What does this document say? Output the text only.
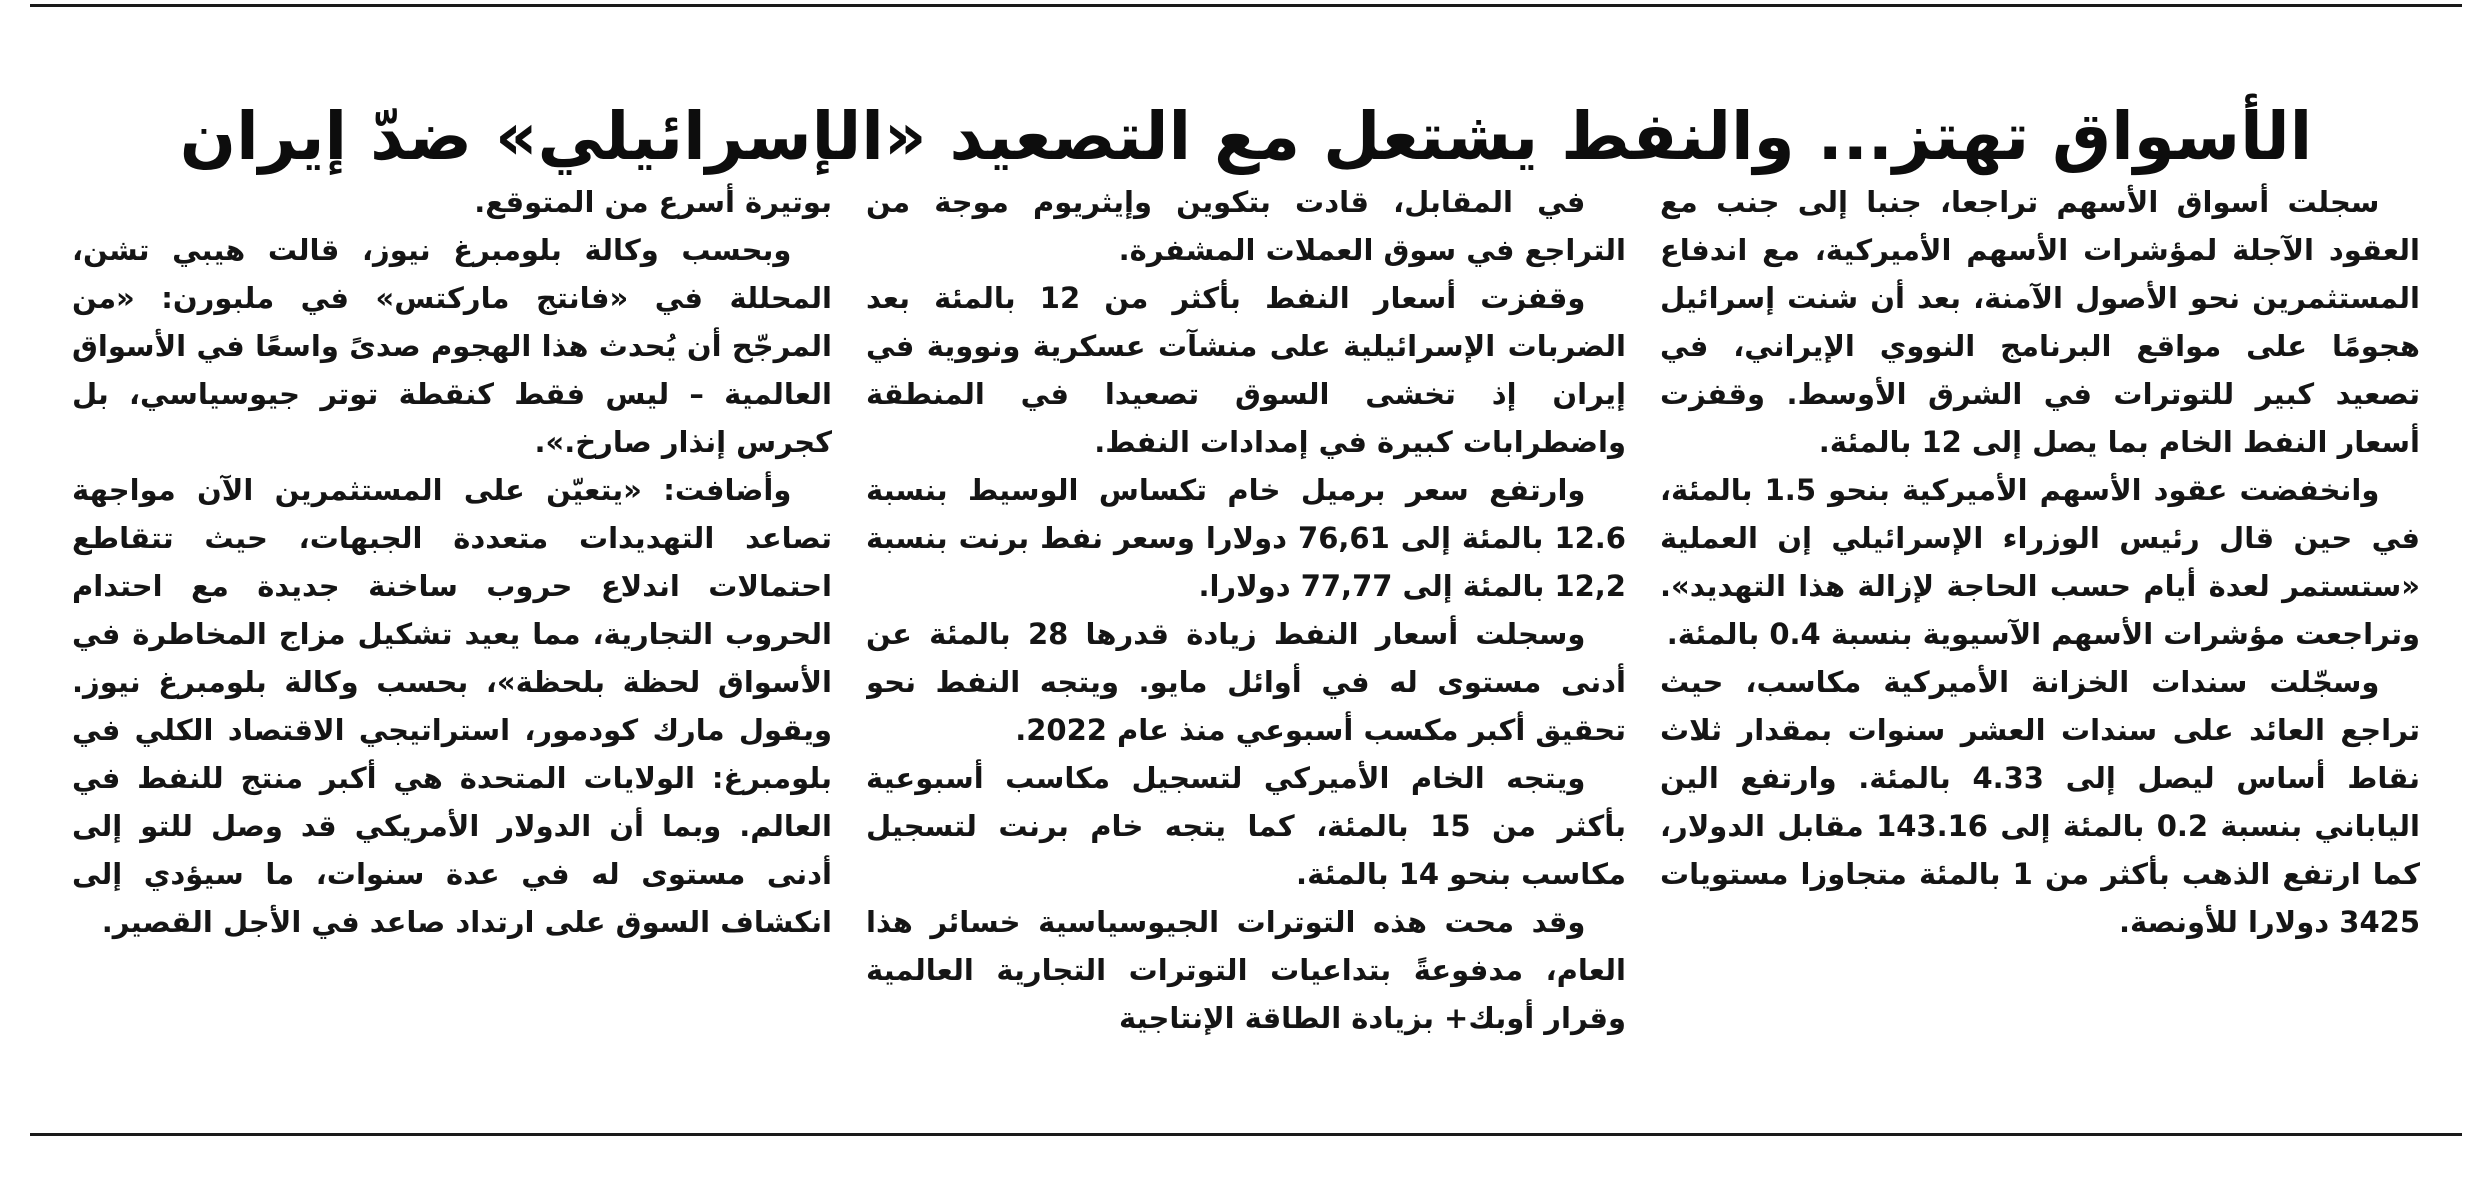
الأسواق تهتز... والنفط يشتعل مع التصعيد «الإسرائيلي» ضدّ إيران

سجلت أسواق الأسهم تراجعا، جنبا إلى جنب مع العقود الآجلة لمؤشرات الأسهم الأميركية، مع اندفاع المستثمرين نحو الأصول الآمنة، بعد أن شنت إسرائيل هجومًا على مواقع البرنامج النووي الإيراني، في تصعيد كبير للتوترات في الشرق الأوسط. وقفزت أسعار النفط الخام بما يصل إلى 12 بالمئة.

وانخفضت عقود الأسهم الأميركية بنحو 1.5 بالمئة، في حين قال رئيس الوزراء الإسرائيلي إن العملية «ستستمر لعدة أيام حسب الحاجة لإزالة هذا التهديد». وتراجعت مؤشرات الأسهم الآسيوية بنسبة 0.4 بالمئة.

وسجّلت سندات الخزانة الأميركية مكاسب، حيث تراجع العائد على سندات العشر سنوات بمقدار ثلاث نقاط أساس ليصل إلى 4.33 بالمئة. وارتفع الين الياباني بنسبة 0.2 بالمئة إلى 143.16 مقابل الدولار، كما ارتفع الذهب بأكثر من 1 بالمئة متجاوزا مستويات 3425 دولارا للأونصة.

في المقابل، قادت بتكوين وإيثريوم موجة من التراجع في سوق العملات المشفرة.

وقفزت أسعار النفط بأكثر من 12 بالمئة بعد الضربات الإسرائيلية على منشآت عسكرية ونووية في إيران إذ تخشى السوق تصعيدا في المنطقة واضطرابات كبيرة في إمدادات النفط.

وارتفع سعر برميل خام تكساس الوسيط بنسبة 12.6 بالمئة إلى 76,61 دولارا وسعر نفط برنت بنسبة 12,2 بالمئة إلى 77,77 دولارا.

وسجلت أسعار النفط زيادة قدرها 28 بالمئة عن أدنى مستوى له في أوائل مايو. ويتجه النفط نحو تحقيق أكبر مكسب أسبوعي منذ عام 2022.

ويتجه الخام الأميركي لتسجيل مكاسب أسبوعية بأكثر من 15 بالمئة، كما يتجه خام برنت لتسجيل مكاسب بنحو 14 بالمئة.

وقد محت هذه التوترات الجيوسياسية خسائر هذا العام، مدفوعةً بتداعيات التوترات التجارية العالمية وقرار أوبك+ بزيادة الطاقة الإنتاجية

بوتيرة أسرع من المتوقع.

وبحسب وكالة بلومبرغ نيوز، قالت هيبي تشن، المحللة في «فانتج ماركتس» في ملبورن: «من المرجّح أن يُحدث هذا الهجوم صدىً واسعًا في الأسواق العالمية – ليس فقط كنقطة توتر جيوسياسي، بل كجرس إنذار صارخ.».

وأضافت: «يتعيّن على المستثمرين الآن مواجهة تصاعد التهديدات متعددة الجبهات، حيث تتقاطع احتمالات اندلاع حروب ساخنة جديدة مع احتدام الحروب التجارية، مما يعيد تشكيل مزاج المخاطرة في الأسواق لحظة بلحظة»، بحسب وكالة بلومبرغ نيوز. ويقول مارك كودمور، استراتيجي الاقتصاد الكلي في بلومبرغ: الولايات المتحدة هي أكبر منتج للنفط في العالم. وبما أن الدولار الأمريكي قد وصل للتو إلى أدنى مستوى له في عدة سنوات، ما سيؤدي إلى انكشاف السوق على ارتداد صاعد في الأجل القصير.
